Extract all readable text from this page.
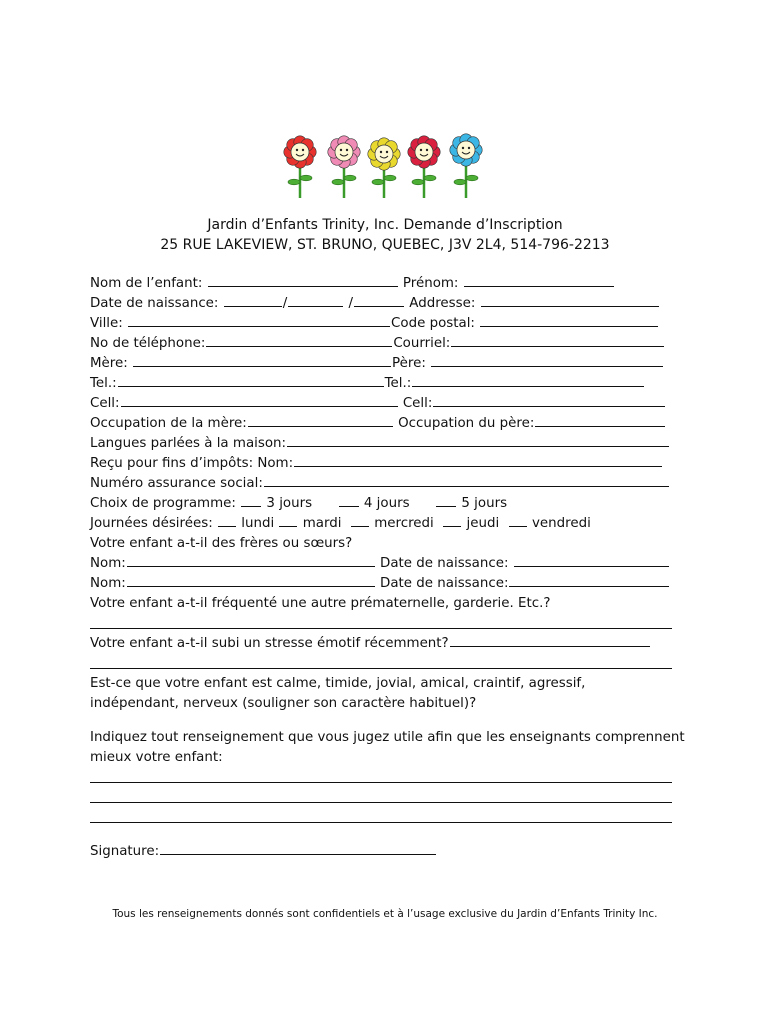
Jardin d’Enfants Trinity, Inc. Demande d’Inscription
25 RUE LAKEVIEW, ST. BRUNO, QUEBEC, J3V 2L4, 514-796-2213
Nom de l’enfant:	Prénom:
Date de naissance:	/	/	Addresse:
Ville:	Code postal:
No de téléphone:	Courriel:
Mère:	Père:
Tel.:	Tel.:
Cell:	Cell:
Occupation de la mère:	Occupation du père:
Langues parlées à la maison:
Reçu pour fins d’impôts: Nom:
Numéro assurance social:
Choix de programme: 3 jours	4 jours	5 jours
Journées désirées: lundi mardi mercredi jeudi vendredi
Votre enfant a-t-il des frères ou sœurs?
Nom:	Date de naissance:
Nom:	Date de naissance:
Votre enfant a-t-il fréquenté une autre prématernelle, garderie. Etc.?
Votre enfant a-t-il subi un stresse émotif récemment?
Est-ce que votre enfant est calme, timide, jovial, amical, craintif, agressif,
indépendant, nerveux (souligner son caractère habituel)?
Indiquez tout renseignement que vous jugez utile afin que les enseignants comprennent
mieux votre enfant:
Signature:
Tous les renseignements donnés sont confidentiels et à l’usage exclusive du Jardin d’Enfants Trinity Inc.
